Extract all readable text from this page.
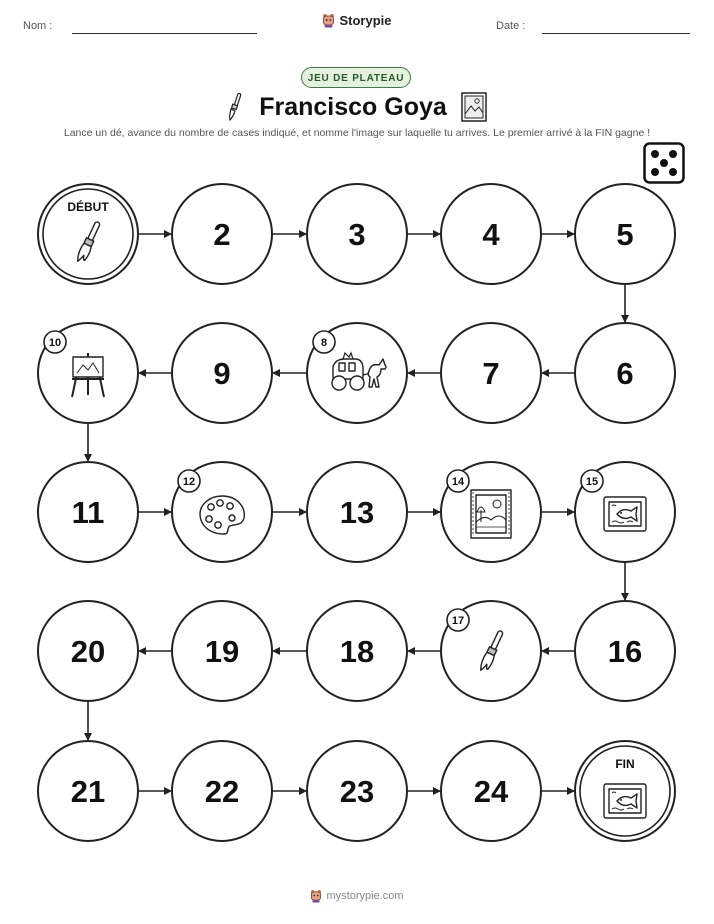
Nom :	Storypie	Date :
JEU DE PLATEAU
Francisco Goya
Lance un dé, avance du nombre de cases indiqué, et nomme l'image sur laquelle tu arrives. Le premier arrivé à la FIN gagne !
DÉBUT
2	3	4	5
6
7
8
9
10
11
12
13
14	15
16
17
18
19
20
21	22	23	24
FIN
mystorypie.com
